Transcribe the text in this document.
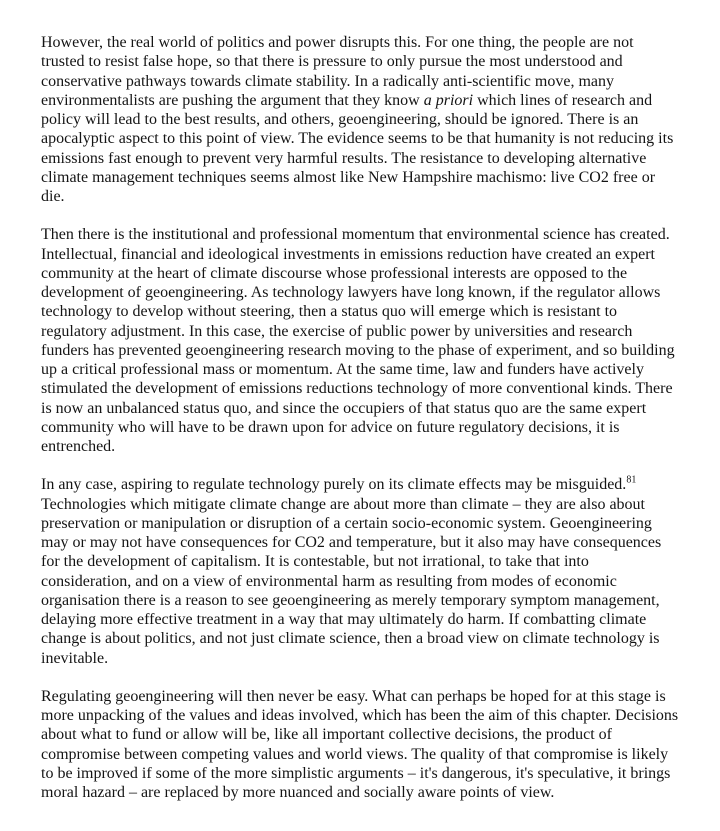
However, the real world of politics and power disrupts this. For one thing, the people are not trusted to resist false hope, so that there is pressure to only pursue the most understood and conservative pathways towards climate stability. In a radically anti-scientific move, many environmentalists are pushing the argument that they know a priori which lines of research and policy will lead to the best results, and others, geoengineering, should be ignored. There is an apocalyptic aspect to this point of view. The evidence seems to be that humanity is not reducing its emissions fast enough to prevent very harmful results. The resistance to developing alternative climate management techniques seems almost like New Hampshire machismo: live CO2 free or die.

Then there is the institutional and professional momentum that environmental science has created. Intellectual, financial and ideological investments in emissions reduction have created an expert community at the heart of climate discourse whose professional interests are opposed to the development of geoengineering. As technology lawyers have long known, if the regulator allows technology to develop without steering, then a status quo will emerge which is resistant to regulatory adjustment. In this case, the exercise of public power by universities and research funders has prevented geoengineering research moving to the phase of experiment, and so building up a critical professional mass or momentum. At the same time, law and funders have actively stimulated the development of emissions reductions technology of more conventional kinds. There is now an unbalanced status quo, and since the occupiers of that status quo are the same expert community who will have to be drawn upon for advice on future regulatory decisions, it is entrenched.

In any case, aspiring to regulate technology purely on its climate effects may be misguided.$^{81}$ Technologies which mitigate climate change are about more than climate – they are also about preservation or manipulation or disruption of a certain socio-economic system. Geoengineering may or may not have consequences for CO2 and temperature, but it also may have consequences for the development of capitalism. It is contestable, but not irrational, to take that into consideration, and on a view of environmental harm as resulting from modes of economic organisation there is a reason to see geoengineering as merely temporary symptom management, delaying more effective treatment in a way that may ultimately do harm. If combatting climate change is about politics, and not just climate science, then a broad view on climate technology is inevitable.

Regulating geoengineering will then never be easy. What can perhaps be hoped for at this stage is more unpacking of the values and ideas involved, which has been the aim of this chapter. Decisions about what to fund or allow will be, like all important collective decisions, the product of compromise between competing values and world views. The quality of that compromise is likely to be improved if some of the more simplistic arguments – it's dangerous, it's speculative, it brings moral hazard – are replaced by more nuanced and socially aware points of view.
